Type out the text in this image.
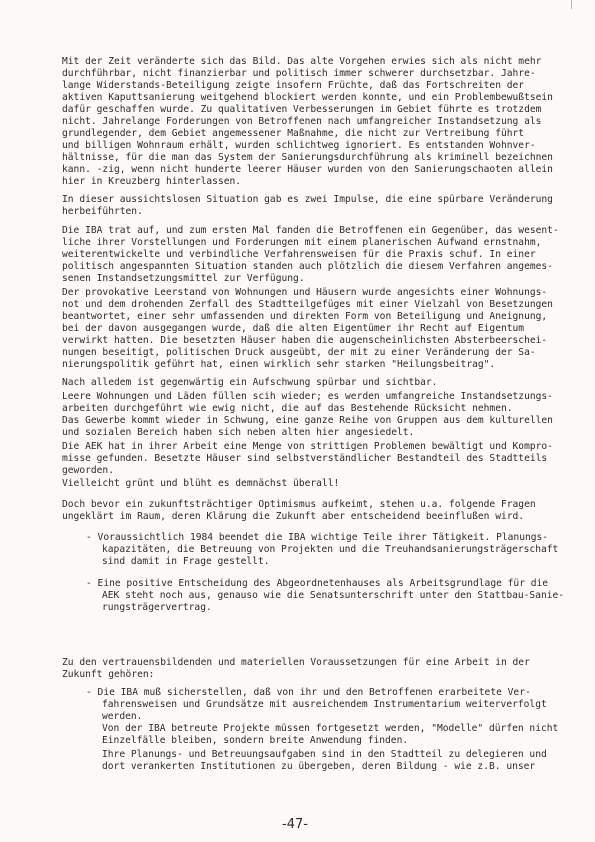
Mit der Zeit veränderte sich das Bild. Das alte Vorgehen erwies sich als nicht mehr
durchführbar, nicht finanzierbar und politisch immer schwerer durchsetzbar. Jahre-
lange Widerstands-Beteiligung zeigte insofern Früchte, daß das Fortschreiten der
aktiven Kaputtsanierung weitgehend blockiert werden konnte, und ein Problembewußtsein
dafür geschaffen wurde. Zu qualitativen Verbesserungen im Gebiet führte es trotzdem
nicht. Jahrelange Forderungen von Betroffenen nach umfangreicher Instandsetzung als
grundlegender, dem Gebiet angemessener Maßnahme, die nicht zur Vertreibung führt
und billigen Wohnraum erhält, wurden schlichtweg ignoriert. Es entstanden Wohnver-
hältnisse, für die man das System der Sanierungsdurchführung als kriminell bezeichnen
kann. -zig, wenn nicht hunderte leerer Häuser wurden von den Sanierungschaoten allein
hier in Kreuzberg hinterlassen.
In dieser aussichtslosen Situation gab es zwei Impulse, die eine spürbare Veränderung
herbeiführten.
Die IBA trat auf, und zum ersten Mal fanden die Betroffenen ein Gegenüber, das wesent-
liche ihrer Vorstellungen und Forderungen mit einem planerischen Aufwand ernstnahm,
weiterentwickelte und verbindliche Verfahrensweisen für die Praxis schuf. In einer
politisch angespannten Situation standen auch plötzlich die diesem Verfahren angemes-
senen Instandsetzungsmittel zur Verfügung.
Der provokative Leerstand von Wohnungen und Häusern wurde angesichts einer Wohnungs-
not und dem drohenden Zerfall des Stadtteilgefüges mit einer Vielzahl von Besetzungen
beantwortet, einer sehr umfassenden und direkten Form von Beteiligung und Aneignung,
bei der davon ausgegangen wurde, daß die alten Eigentümer ihr Recht auf Eigentum
verwirkt hatten. Die besetzten Häuser haben die augenscheinlichsten Absterbeerschei-
nungen beseitigt, politischen Druck ausgeübt, der mit zu einer Veränderung der Sa-
nierungspolitik geführt hat, einen wirklich sehr starken "Heilungsbeitrag".
Nach alledem ist gegenwärtig ein Aufschwung spürbar und sichtbar.
Leere Wohnungen und Läden füllen scih wieder; es werden umfangreiche Instandsetzungs-
arbeiten durchgeführt wie ewig nicht, die auf das Bestehende Rücksicht nehmen.
Das Gewerbe kommt wieder in Schwung, eine ganze Reihe von Gruppen aus dem kulturellen
und sozialen Bereich haben sich neben alten hier angesiedelt.
Die AEK hat in ihrer Arbeit eine Menge von strittigen Problemen bewältigt und Kompro-
misse gefunden. Besetzte Häuser sind selbstverständlicher Bestandteil des Stadtteils
geworden.
Vielleicht grünt und blüht es demnächst überall!
Doch bevor ein zukunftsträchtiger Optimismus aufkeimt, stehen u.a. folgende Fragen
ungeklärt im Raum, deren Klärung die Zukunft aber entscheidend beeinflußen wird.
- Voraussichtlich 1984 beendet die IBA wichtige Teile ihrer Tätigkeit. Planungs-
kapazitäten, die Betreuung von Projekten und die Treuhandsanierungsträgerschaft
sind damit in Frage gestellt.
- Eine positive Entscheidung des Abgeordnetenhauses als Arbeitsgrundlage für die
AEK steht noch aus, genauso wie die Senatsunterschrift unter den Stattbau-Sanie-
rungsträgervertrag.
Zu den vertrauensbildenden und materiellen Voraussetzungen für eine Arbeit in der
Zukunft gehören:
- Die IBA muß sicherstellen, daß von ihr und den Betroffenen erarbeitete Ver-
fahrensweisen und Grundsätze mit ausreichendem Instrumentarium weiterverfolgt
werden.
Von der IBA betreute Projekte müssen fortgesetzt werden, "Modelle" dürfen nicht
Einzelfälle bleiben, sondern breite Anwendung finden.
Ihre Planungs- und Betreuungsaufgaben sind in den Stadtteil zu delegieren und
dort verankerten Institutionen zu übergeben, deren Bildung - wie z.B. unser
-47-
